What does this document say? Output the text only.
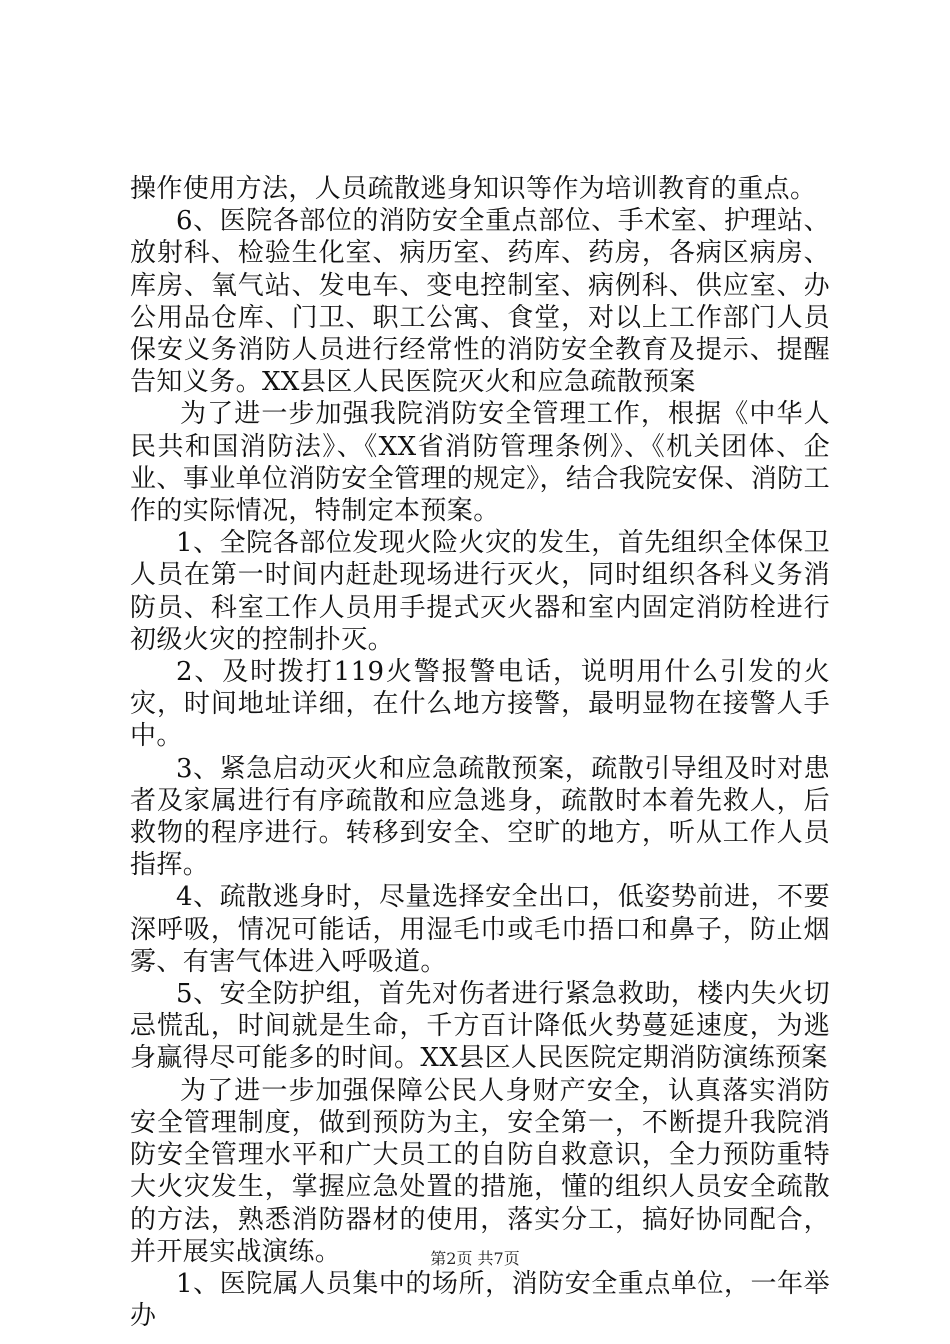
操作使用方法，人员疏散逃身知识等作为培训教育的重点。

6、医院各部位的消防安全重点部位、手术室、护理站、放射科、检验生化室、病历室、药库、药房，各病区病房、库房、氧气站、发电车、变电控制室、病例科、供应室、办公用品仓库、门卫、职工公寓、食堂，对以上工作部门人员保安义务消防人员进行经常性的消防安全教育及提示、提醒告知义务。XX县区人民医院灭火和应急疏散预案

为了进一步加强我院消防安全管理工作，根据《中华人民共和国消防法》、《XX省消防管理条例》、《机关团体、企业、事业单位消防安全管理的规定》，结合我院安保、消防工作的实际情况，特制定本预案。

1、全院各部位发现火险火灾的发生，首先组织全体保卫人员在第一时间内赶赴现场进行灭火，同时组织各科义务消防员、科室工作人员用手提式灭火器和室内固定消防栓进行初级火灾的控制扑灭。

2、及时拨打119火警报警电话，说明用什么引发的火灾，时间地址详细，在什么地方接警，最明显物在接警人手中。

3、紧急启动灭火和应急疏散预案，疏散引导组及时对患者及家属进行有序疏散和应急逃身，疏散时本着先救人，后救物的程序进行。转移到安全、空旷的地方，听从工作人员指挥。

4、疏散逃身时，尽量选择安全出口，低姿势前进，不要深呼吸，情况可能话，用湿毛巾或毛巾捂口和鼻子，防止烟雾、有害气体进入呼吸道。

5、安全防护组，首先对伤者进行紧急救助，楼内失火切忌慌乱，时间就是生命，千方百计降低火势蔓延速度，为逃身赢得尽可能多的时间。XX县区人民医院定期消防演练预案

为了进一步加强保障公民人身财产安全，认真落实消防安全管理制度，做到预防为主，安全第一，不断提升我院消防安全管理水平和广大员工的自防自救意识，全力预防重特大火灾发生，掌握应急处置的措施，懂的组织人员安全疏散的方法，熟悉消防器材的使用，落实分工，搞好协同配合，并开展实战演练。

1、医院属人员集中的场所，消防安全重点单位，一年举办

第2页 共7页
